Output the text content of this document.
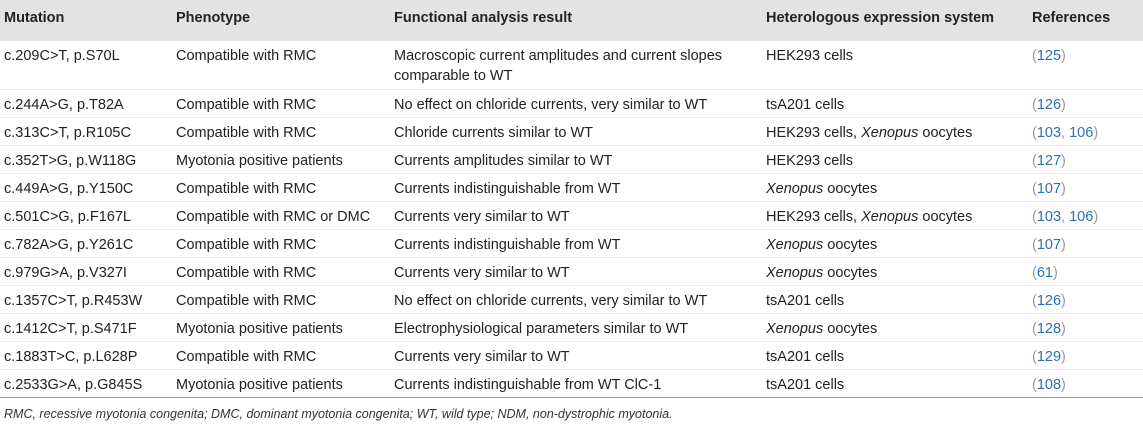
Mutation	Phenotype	Functional analysis result	Heterologous expression system	References
c.209C>T, p.S70L	Compatible with RMC	Macroscopic current amplitudes and current slopes comparable to WT	HEK293 cells	(125)
c.244A>G, p.T82A	Compatible with RMC	No effect on chloride currents, very similar to WT	tsA201 cells	(126)
c.313C>T, p.R105C	Compatible with RMC	Chloride currents similar to WT	HEK293 cells, Xenopus oocytes	(103, 106)
c.352T>G, p.W118G	Myotonia positive patients	Currents amplitudes similar to WT	HEK293 cells	(127)
c.449A>G, p.Y150C	Compatible with RMC	Currents indistinguishable from WT	Xenopus oocytes	(107)
c.501C>G, p.F167L	Compatible with RMC or DMC	Currents very similar to WT	HEK293 cells, Xenopus oocytes	(103, 106)
c.782A>G, p.Y261C	Compatible with RMC	Currents indistinguishable from WT	Xenopus oocytes	(107)
c.979G>A, p.V327I	Compatible with RMC	Currents very similar to WT	Xenopus oocytes	(61)
c.1357C>T, p.R453W	Compatible with RMC	No effect on chloride currents, very similar to WT	tsA201 cells	(126)
c.1412C>T, p.S471F	Myotonia positive patients	Electrophysiological parameters similar to WT	Xenopus oocytes	(128)
c.1883T>C, p.L628P	Compatible with RMC	Currents very similar to WT	tsA201 cells	(129)
c.2533G>A, p.G845S	Myotonia positive patients	Currents indistinguishable from WT ClC-1	tsA201 cells	(108)
RMC, recessive myotonia congenita; DMC, dominant myotonia congenita; WT, wild type; NDM, non-dystrophic myotonia.
